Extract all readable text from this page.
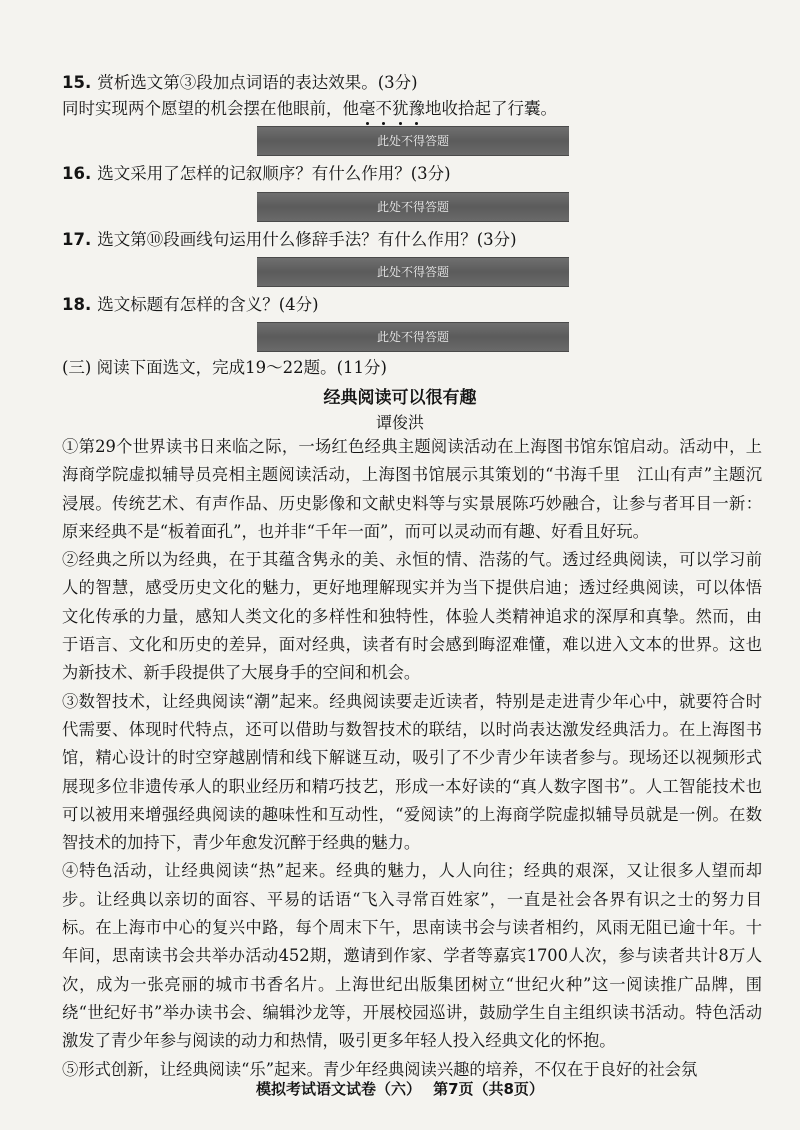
15. 赏析选文第③段加点词语的表达效果。(3分)
同时实现两个愿望的机会摆在他眼前，他毫
不
犹
豫
地收拾起了行囊。
此处不得答题
16. 选文采用了怎样的记叙顺序？有什么作用？(3分)
此处不得答题
17. 选文第⑩段画线句运用什么修辞手法？有什么作用？(3分)
此处不得答题
18. 选文标题有怎样的含义？(4分)
此处不得答题
(三) 阅读下面选文，完成19～22题。(11分)
经典阅读可以很有趣
谭俊洪

①第29个世界读书日来临之际，一场红色经典主题阅读活动在上海图书馆东馆启动。活动中，上海商学院虚拟辅导员亮相主题阅读活动，上海图书馆展示其策划的“书海千里　江山有声”主题沉浸展。传统艺术、有声作品、历史影像和文献史料等与实景展陈巧妙融合，让参与者耳目一新：原来经典不是“板着面孔”，也并非“千年一面”，而可以灵动而有趣、好看且好玩。

②经典之所以为经典，在于其蕴含隽永的美、永恒的情、浩荡的气。透过经典阅读，可以学习前人的智慧，感受历史文化的魅力，更好地理解现实并为当下提供启迪；透过经典阅读，可以体悟文化传承的力量，感知人类文化的多样性和独特性，体验人类精神追求的深厚和真挚。然而，由于语言、文化和历史的差异，面对经典，读者有时会感到晦涩难懂，难以进入文本的世界。这也为新技术、新手段提供了大展身手的空间和机会。

③数智技术，让经典阅读“潮”起来。经典阅读要走近读者，特别是走进青少年心中，就要符合时代需要、体现时代特点，还可以借助与数智技术的联结，以时尚表达激发经典活力。在上海图书馆，精心设计的时空穿越剧情和线下解谜互动，吸引了不少青少年读者参与。现场还以视频形式展现多位非遗传承人的职业经历和精巧技艺，形成一本好读的“真人数字图书”。人工智能技术也可以被用来增强经典阅读的趣味性和互动性，“爱阅读”的上海商学院虚拟辅导员就是一例。在数智技术的加持下，青少年愈发沉醉于经典的魅力。

④特色活动，让经典阅读“热”起来。经典的魅力，人人向往；经典的艰深，又让很多人望而却步。让经典以亲切的面容、平易的话语“飞入寻常百姓家”，一直是社会各界有识之士的努力目标。在上海市中心的复兴中路，每个周末下午，思南读书会与读者相约，风雨无阻已逾十年。十年间，思南读书会共举办活动452期，邀请到作家、学者等嘉宾1700人次，参与读者共计8万人次，成为一张亮丽的城市书香名片。上海世纪出版集团树立“世纪火种”这一阅读推广品牌，围绕“世纪好书”举办读书会、编辑沙龙等，开展校园巡讲，鼓励学生自主组织读书活动。特色活动激发了青少年参与阅读的动力和热情，吸引更多年轻人投入经典文化的怀抱。

⑤形式创新，让经典阅读“乐”起来。青少年经典阅读兴趣的培养，不仅在于良好的社会氛

模拟考试语文试卷（六） 第7页（共8页）
